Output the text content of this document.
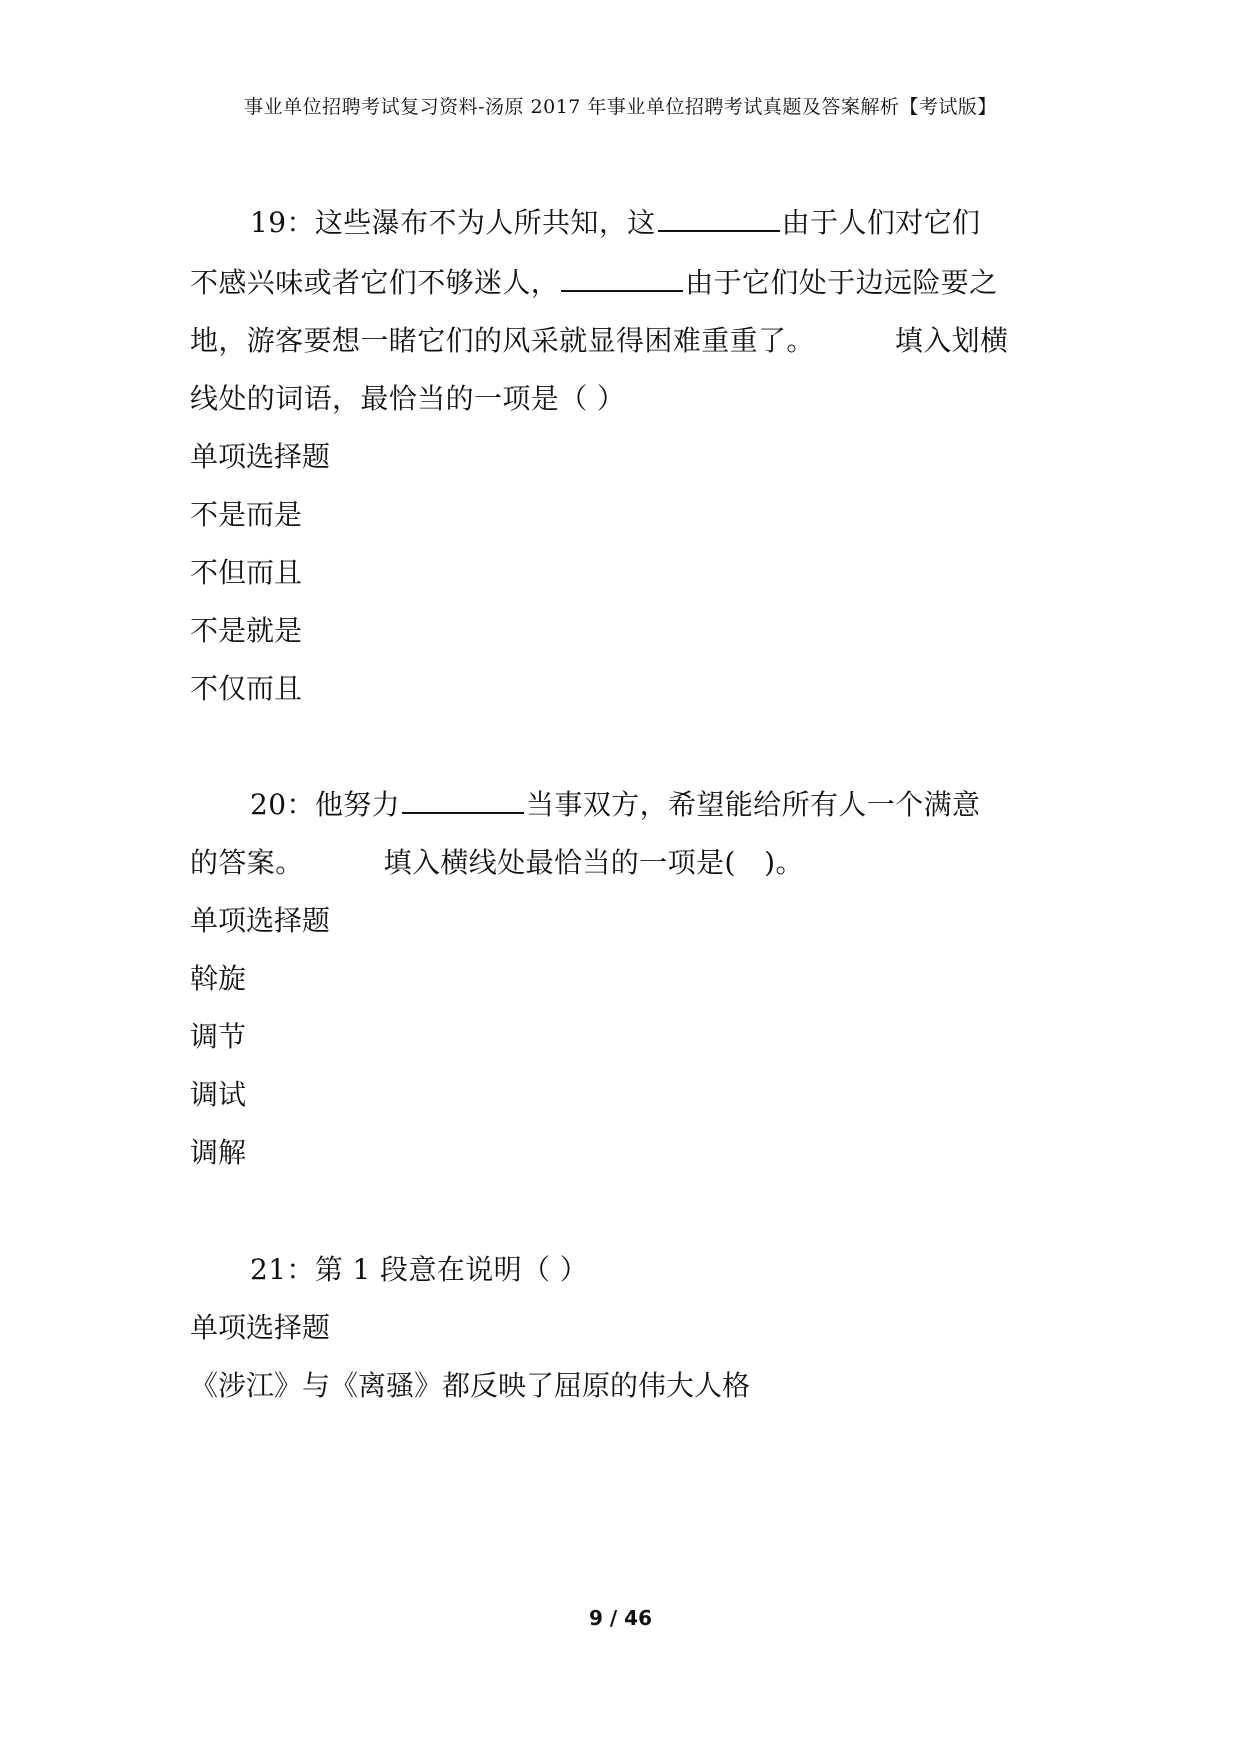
事业单位招聘考试复习资料-汤原 2017 年事业单位招聘考试真题及答案解析【考试版】
19：这些瀑布不为人所共知，这	由于人们对它们
不感兴味或者它们不够迷人，	由于它们处于边远险要之
地，游客要想一睹它们的风采就显得困难重重了。	填入划横
线处的词语，最恰当的一项是（ ）
单项选择题
不是而是
不但而且
不是就是
不仅而且
20：他努力	当事双方，希望能给所有人一个满意
的答案。	填入横线处最恰当的一项是(　)。
单项选择题
斡旋
调节
调试
调解
21：第 1 段意在说明（ ）
单项选择题
《涉江》与《离骚》都反映了屈原的伟大人格
9 / 46
